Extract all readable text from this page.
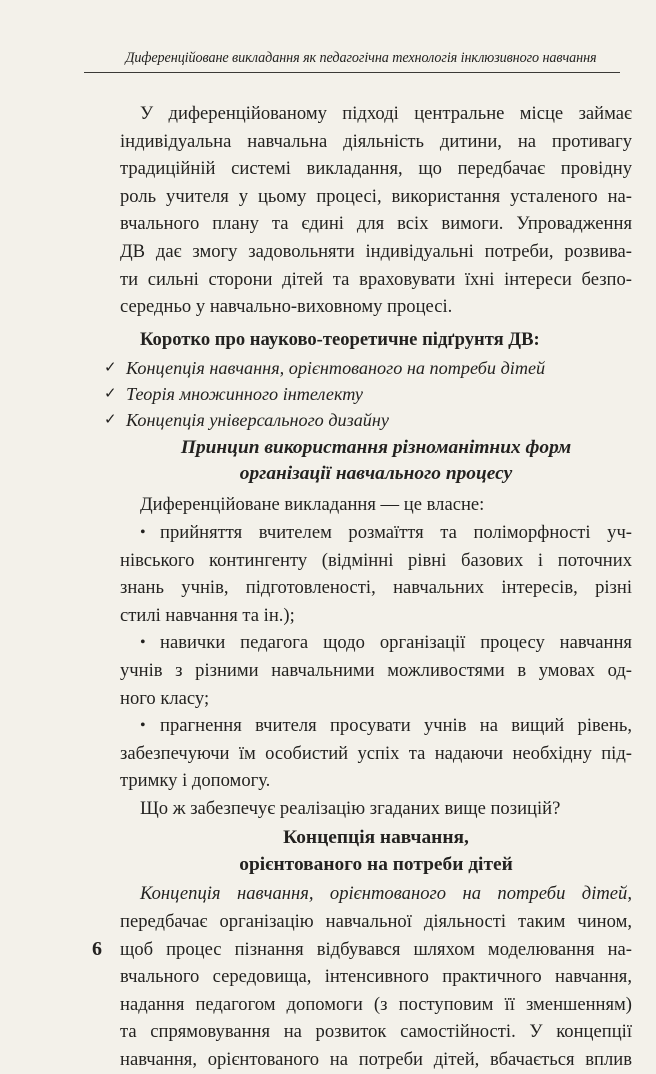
Диференційоване викладання як педагогічна технологія інклюзивного навчання

У диференційованому підході центральне місце займає
індивідуальна навчальна діяльність дитини, на противагу
традиційній системі викладання, що передбачає провідну
роль учителя у цьому процесі, використання усталеного на-
вчального плану та єдині для всіх вимоги. Упровадження
ДВ дає змогу задовольняти індивідуальні потреби, розвива-
ти сильні сторони дітей та враховувати їхні інтереси безпо-
середньо у навчально-виховному процесі.

Коротко про науково-теоретичне підґрунтя ДВ:
✓ Концепція навчання, орієнтованого на потреби дітей
✓ Теорія множинного інтелекту
✓ Концепція універсального дизайну
Принцип використання різноманітних форм
організації навчального процесу

Диференційоване викладання — це власне:

• прийняття вчителем розмаїття та поліморфності уч-
нівського контингенту (відмінні рівні базових і поточних
знань учнів, підготовленості, навчальних інтересів, різні
стилі навчання та ін.);
• навички педагога щодо організації процесу навчання
учнів з різними навчальними можливостями в умовах од-
ного класу;
• прагнення вчителя просувати учнів на вищий рівень,
забезпечуючи їм особистий успіх та надаючи необхідну під-
тримку і допомогу.

Що ж забезпечує реалізацію згаданих вище позицій?

Концепція навчання,
орієнтованого на потреби дітей

Концепція навчання, орієнтованого на потреби дітей,
передбачає організацію навчальної діяльності таким чином,
щоб процес пізнання відбувався шляхом моделювання на-
вчального середовища, інтенсивного практичного навчання,
надання педагогом допомоги (з поступовим її зменшенням)
та спрямовування на розвиток самостійності. У концепції
навчання, орієнтованого на потреби дітей, вбачається вплив

6
